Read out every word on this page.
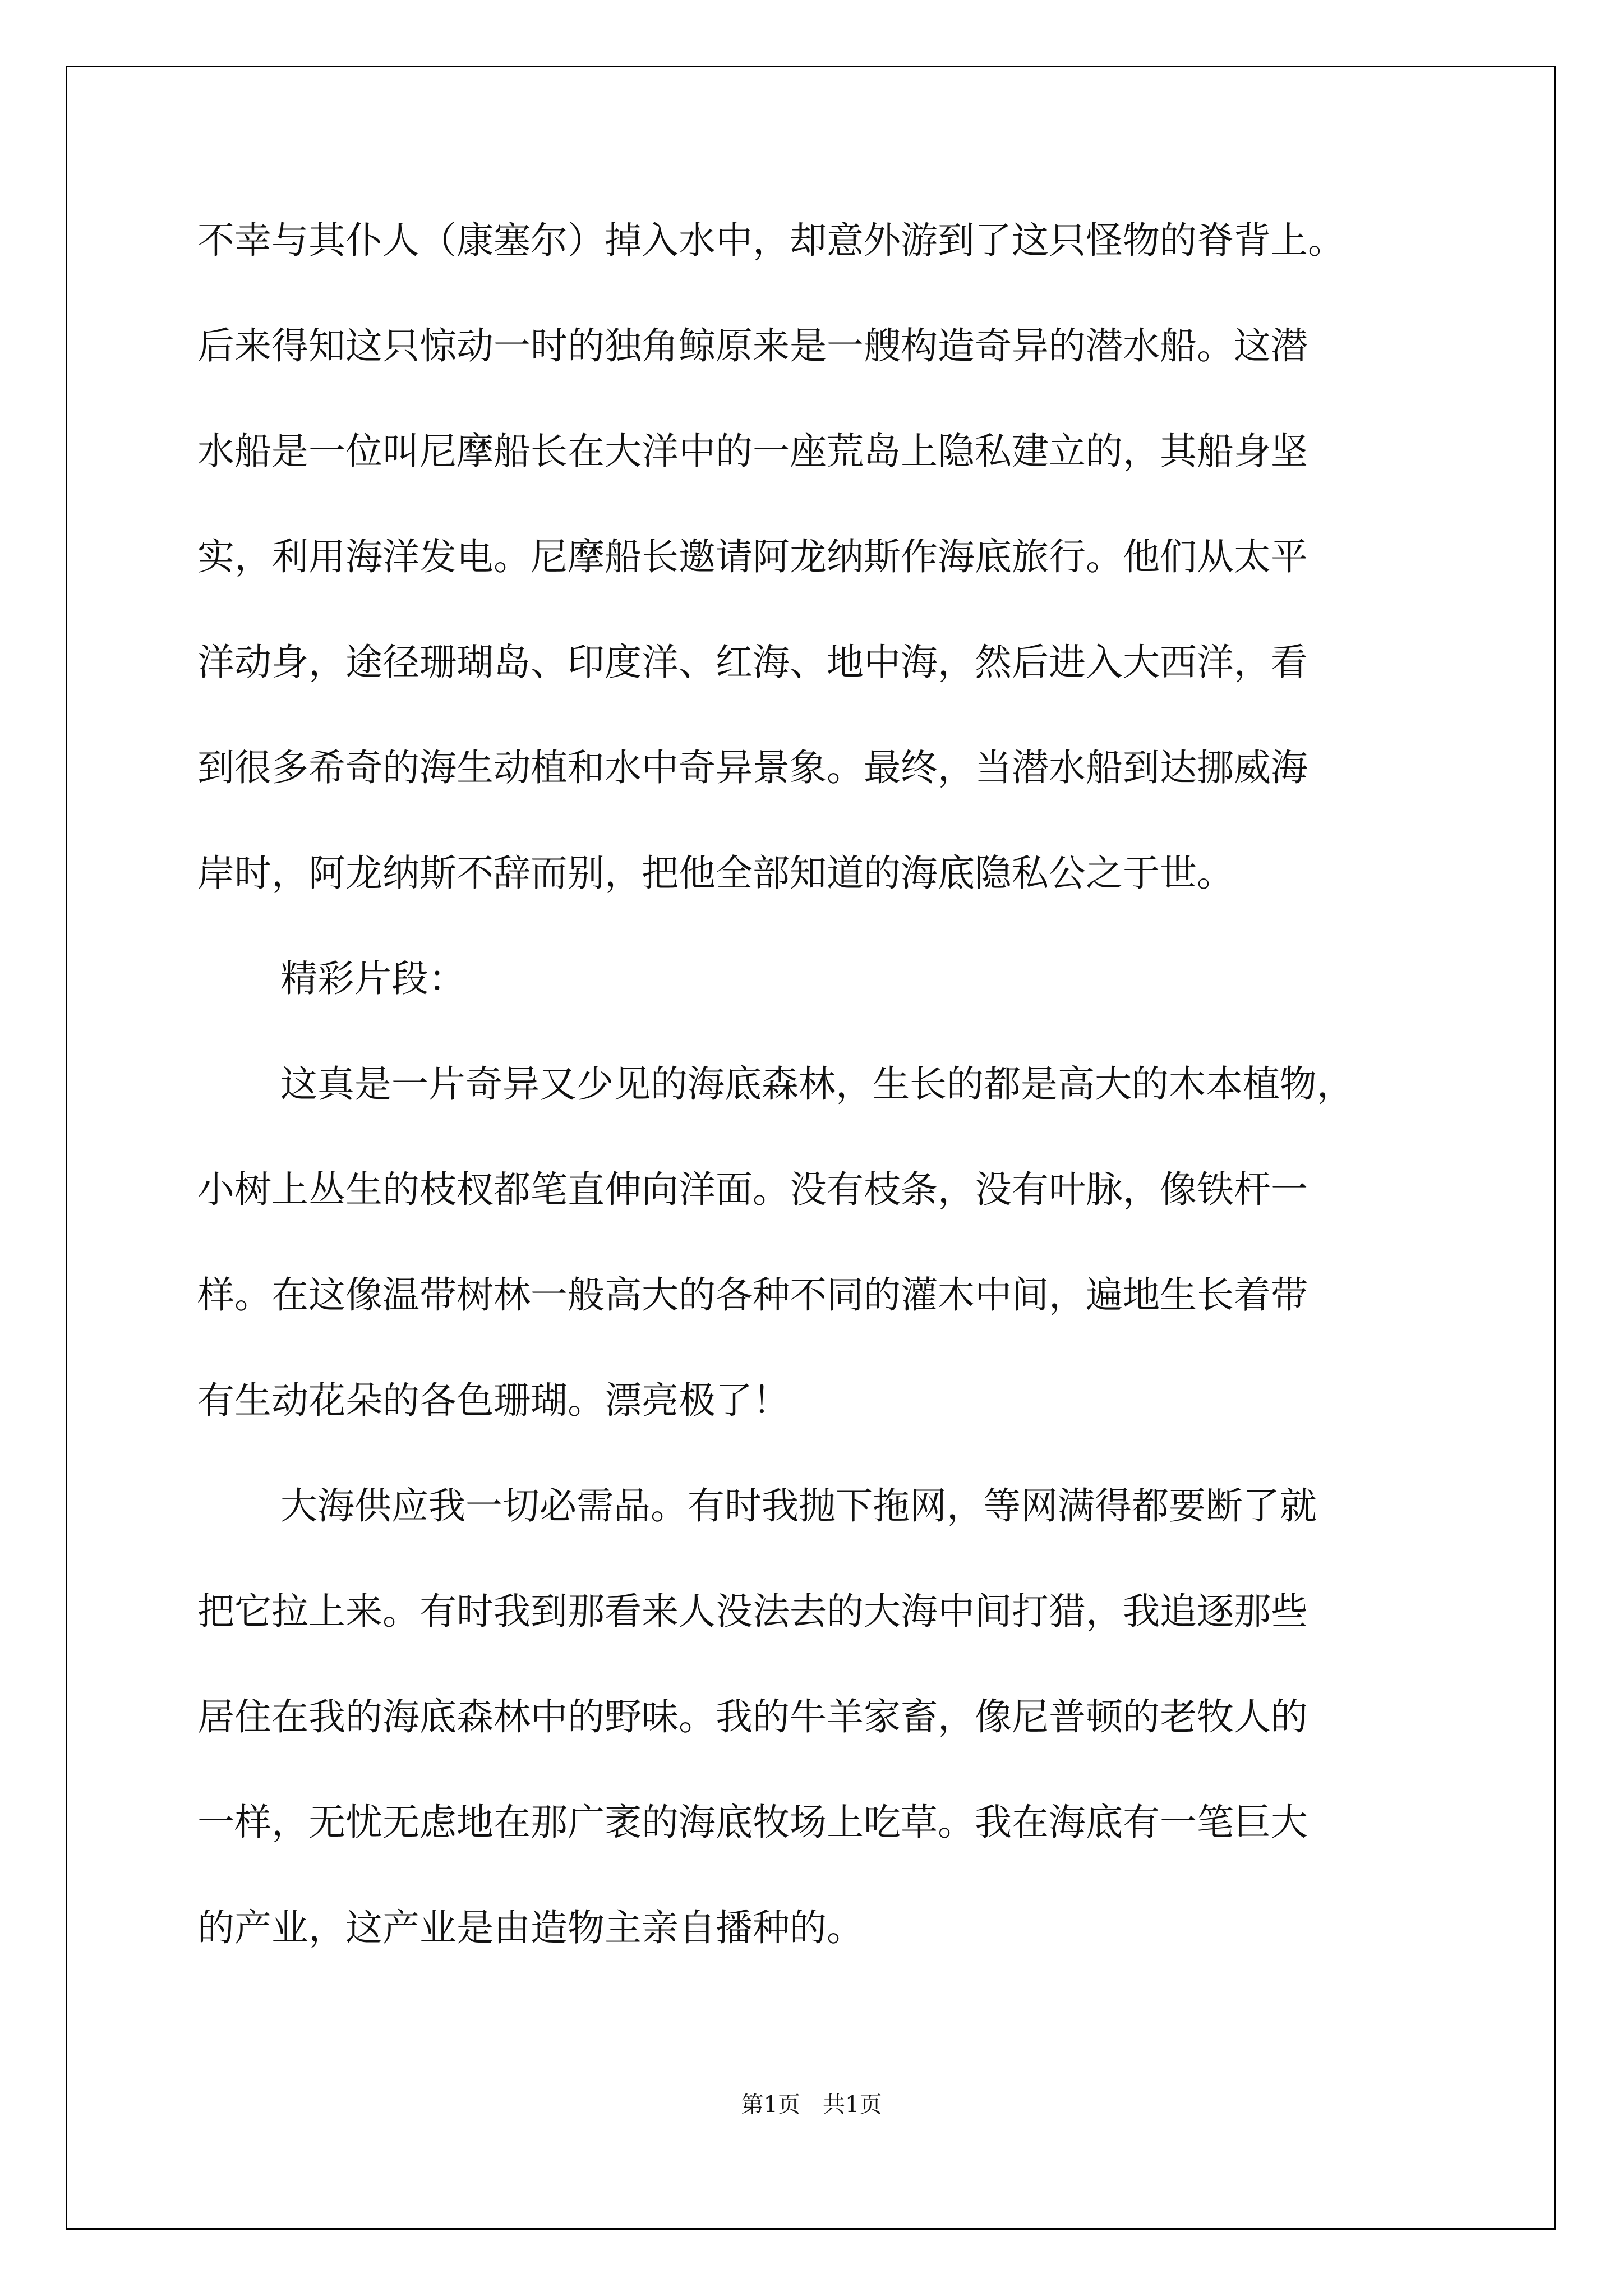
不幸与其仆人（康塞尔）掉入水中，却意外游到了这只怪物的脊背上。
后来得知这只惊动一时的独角鲸原来是一艘构造奇异的潜水船。这潜
水船是一位叫尼摩船长在大洋中的一座荒岛上隐私建立的，其船身坚
实，利用海洋发电。尼摩船长邀请阿龙纳斯作海底旅行。他们从太平
洋动身，途径珊瑚岛、印度洋、红海、地中海，然后进入大西洋，看
到很多希奇的海生动植和水中奇异景象。最终，当潜水船到达挪威海
岸时，阿龙纳斯不辞而别，把他全部知道的海底隐私公之于世。
精彩片段：
这真是一片奇异又少见的海底森林，生长的都是高大的木本植物，
小树上丛生的枝杈都笔直伸向洋面。没有枝条，没有叶脉，像铁杆一
样。在这像温带树林一般高大的各种不同的灌木中间，遍地生长着带
有生动花朵的各色珊瑚。漂亮极了！
大海供应我一切必需品。有时我抛下拖网，等网满得都要断了就
把它拉上来。有时我到那看来人没法去的大海中间打猎，我追逐那些
居住在我的海底森林中的野味。我的牛羊家畜，像尼普顿的老牧人的
一样，无忧无虑地在那广袤的海底牧场上吃草。我在海底有一笔巨大
的产业，这产业是由造物主亲自播种的。
第1页 共1页
